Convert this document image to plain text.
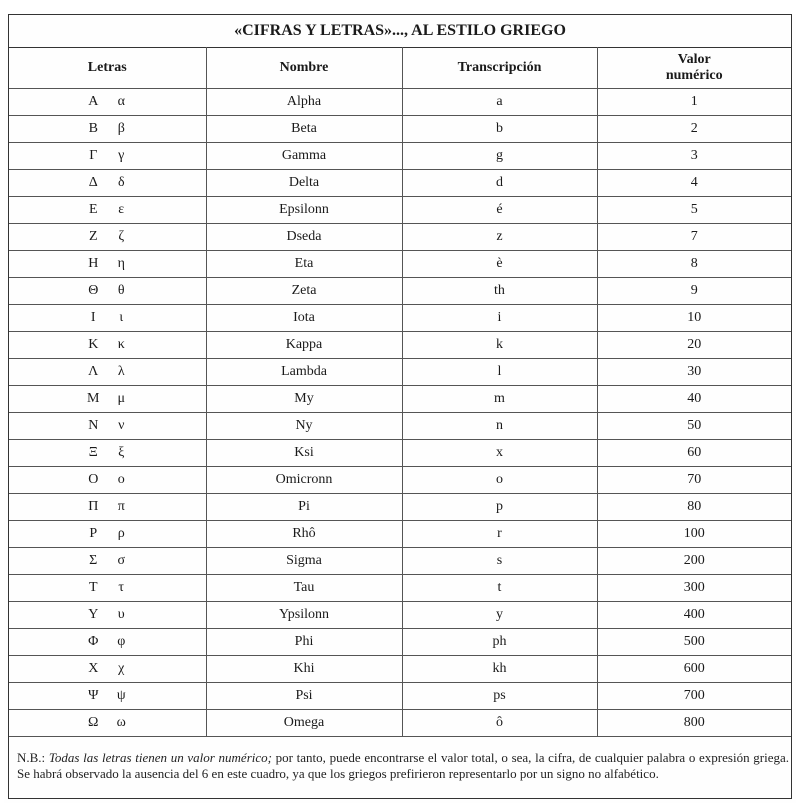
«CIFRAS Y LETRAS»..., AL ESTILO GRIEGO
Letras	Nombre	Transcripción	Valor
numérico
Α α	Alpha	a	1
Β β	Beta	b	2
Γ γ	Gamma	g	3
Δ δ	Delta	d	4
Ε ε	Epsilonn	é	5
Ζ ζ	Dseda	z	7
Η η	Eta	è	8
Θ θ	Zeta	th	9
Ι ι	Iota	i	10
Κ κ	Kappa	k	20
Λ λ	Lambda	l	30
Μ μ	My	m	40
Ν ν	Ny	n	50
Ξ ξ	Ksi	x	60
Ο ο	Omicronn	o	70
Π π	Pi	p	80
Ρ ρ	Rhô	r	100
Σ σ	Sigma	s	200
Τ τ	Tau	t	300
Υ υ	Ypsilonn	y	400
Φ φ	Phi	ph	500
Χ χ	Khi	kh	600
Ψ ψ	Psi	ps	700
Ω ω	Omega	ô	800

N.B.: Todas las letras tienen un valor numérico; por tanto, puede encontrarse el valor total, o sea, la cifra, de cualquier palabra o expresión griega. Se habrá observado la ausencia del 6 en este cuadro, ya que los griegos prefirieron representarlo por un signo no alfabético.
